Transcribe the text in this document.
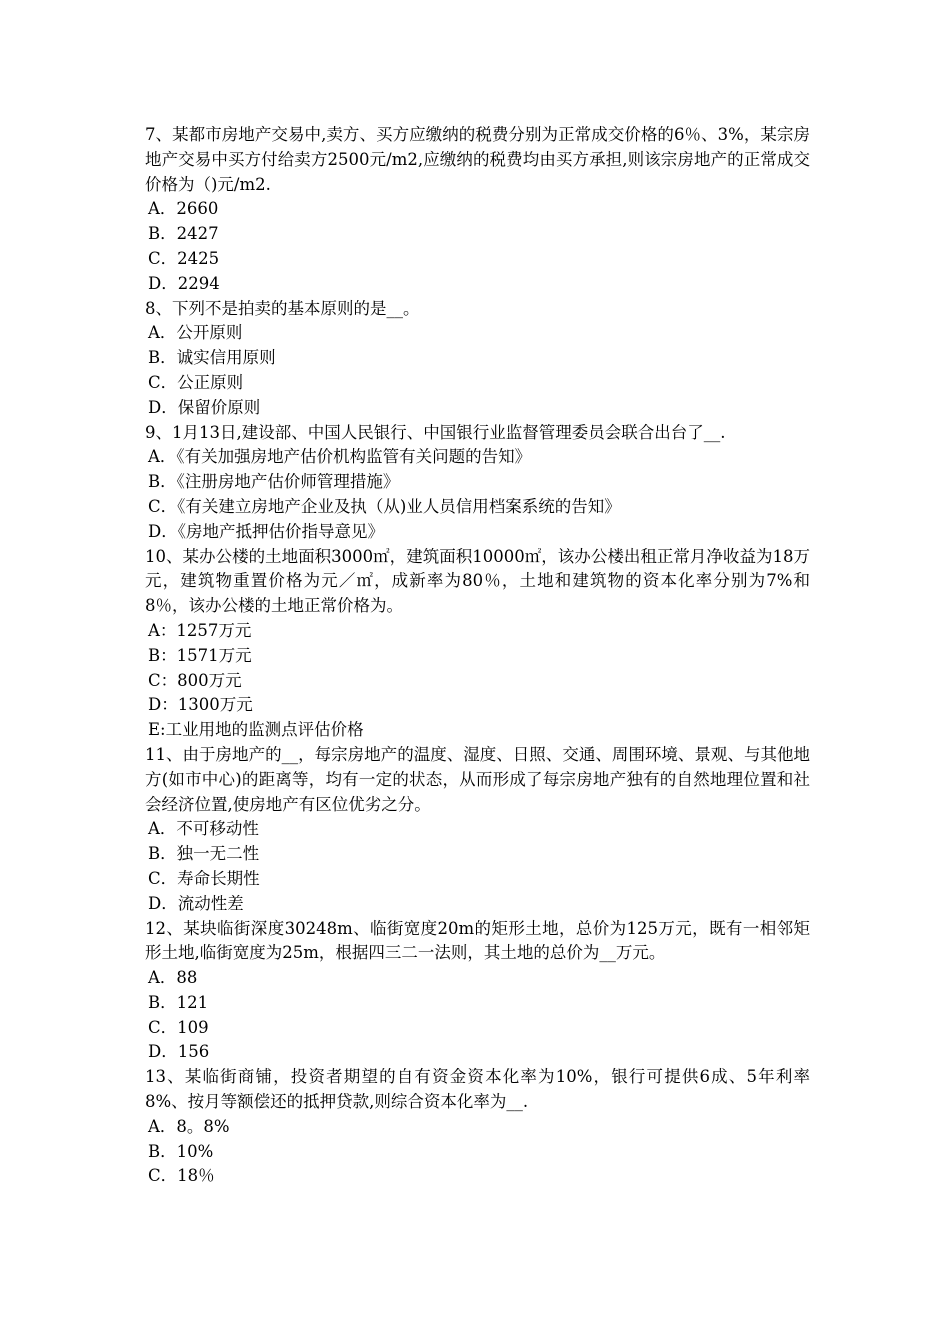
7、某都市房地产交易中,卖方、买方应缴纳的税费分别为正常成交价格的6％、3%，某宗房地产交易中买方付给卖方2500元/m2,应缴纳的税费均由买方承担,则该宗房地产的正常成交价格为（)元/m2.

A．2660

B．2427

C．2425

D．2294

8、下列不是拍卖的基本原则的是__。

A．公开原则

B．诚实信用原则

C．公正原则

D．保留价原则

9、1月13日,建设部、中国人民银行、中国银行业监督管理委员会联合出台了__.

A．《有关加强房地产估价机构监管有关问题的告知》

B．《注册房地产估价师管理措施》

C．《有关建立房地产企业及执（从)业人员信用档案系统的告知》

D．《房地产抵押估价指导意见》

10、某办公楼的土地面积3000㎡，建筑面积10000㎡，该办公楼出租正常月净收益为18万元，建筑物重置价格为元／㎡，成新率为80％，土地和建筑物的资本化率分别为7%和8％，该办公楼的土地正常价格为。

A：1257万元

B：1571万元

C：800万元

D：1300万元

E:工业用地的监测点评估价格

11、由于房地产的__，每宗房地产的温度、湿度、日照、交通、周围环境、景观、与其他地方(如市中心)的距离等，均有一定的状态，从而形成了每宗房地产独有的自然地理位置和社会经济位置,使房地产有区位优劣之分。

A．不可移动性

B．独一无二性

C．寿命长期性

D．流动性差

12、某块临街深度30248m、临街宽度20m的矩形土地，总价为125万元，既有一相邻矩形土地,临街宽度为25m，根据四三二一法则，其土地的总价为__万元。

A．88

B．121

C．109

D．156

13、某临街商铺，投资者期望的自有资金资本化率为10%，银行可提供6成、5年利率8%、按月等额偿还的抵押贷款,则综合资本化率为__.

A．8。8%

B．10%

C．18％
